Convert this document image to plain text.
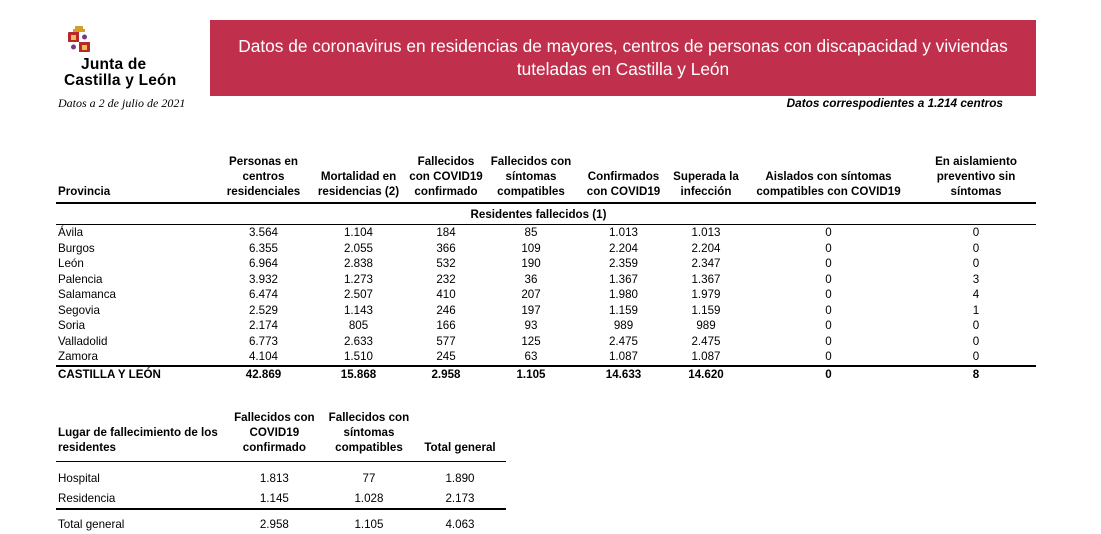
Junta de
Castilla y León
Datos a 2 de julio de 2021
Datos de coronavirus en residencias de mayores, centros de personas con discapacidad y viviendas tuteladas en Castilla y León
Datos correspodientes a 1.214 centros
Provincia	Personas en centros residenciales	Mortalidad en residencias (2)	Fallecidos con COVID19 confirmado	Fallecidos con síntomas compatibles	Confirmados con COVID19	Superada la infección	Aislados con síntomas compatibles con COVID19	En aislamiento preventivo sin síntomas
			Residentes fallecidos (1)					
Ávila	3.564	1.104	184	85	1.013	1.013	0	0
Burgos	6.355	2.055	366	109	2.204	2.204	0	0
León	6.964	2.838	532	190	2.359	2.347	0	0
Palencia	3.932	1.273	232	36	1.367	1.367	0	3
Salamanca	6.474	2.507	410	207	1.980	1.979	0	4
Segovia	2.529	1.143	246	197	1.159	1.159	0	1
Soria	2.174	805	166	93	989	989	0	0
Valladolid	6.773	2.633	577	125	2.475	2.475	0	0
Zamora	4.104	1.510	245	63	1.087	1.087	0	0
CASTILLA Y LEÓN	42.869	15.868	2.958	1.105	14.633	14.620	0	8
Lugar de fallecimiento de los residentes	Fallecidos con COVID19 confirmado	Fallecidos con síntomas compatibles	Total general
Hospital	1.813	77	1.890
Residencia	1.145	1.028	2.173
Total general	2.958	1.105	4.063
